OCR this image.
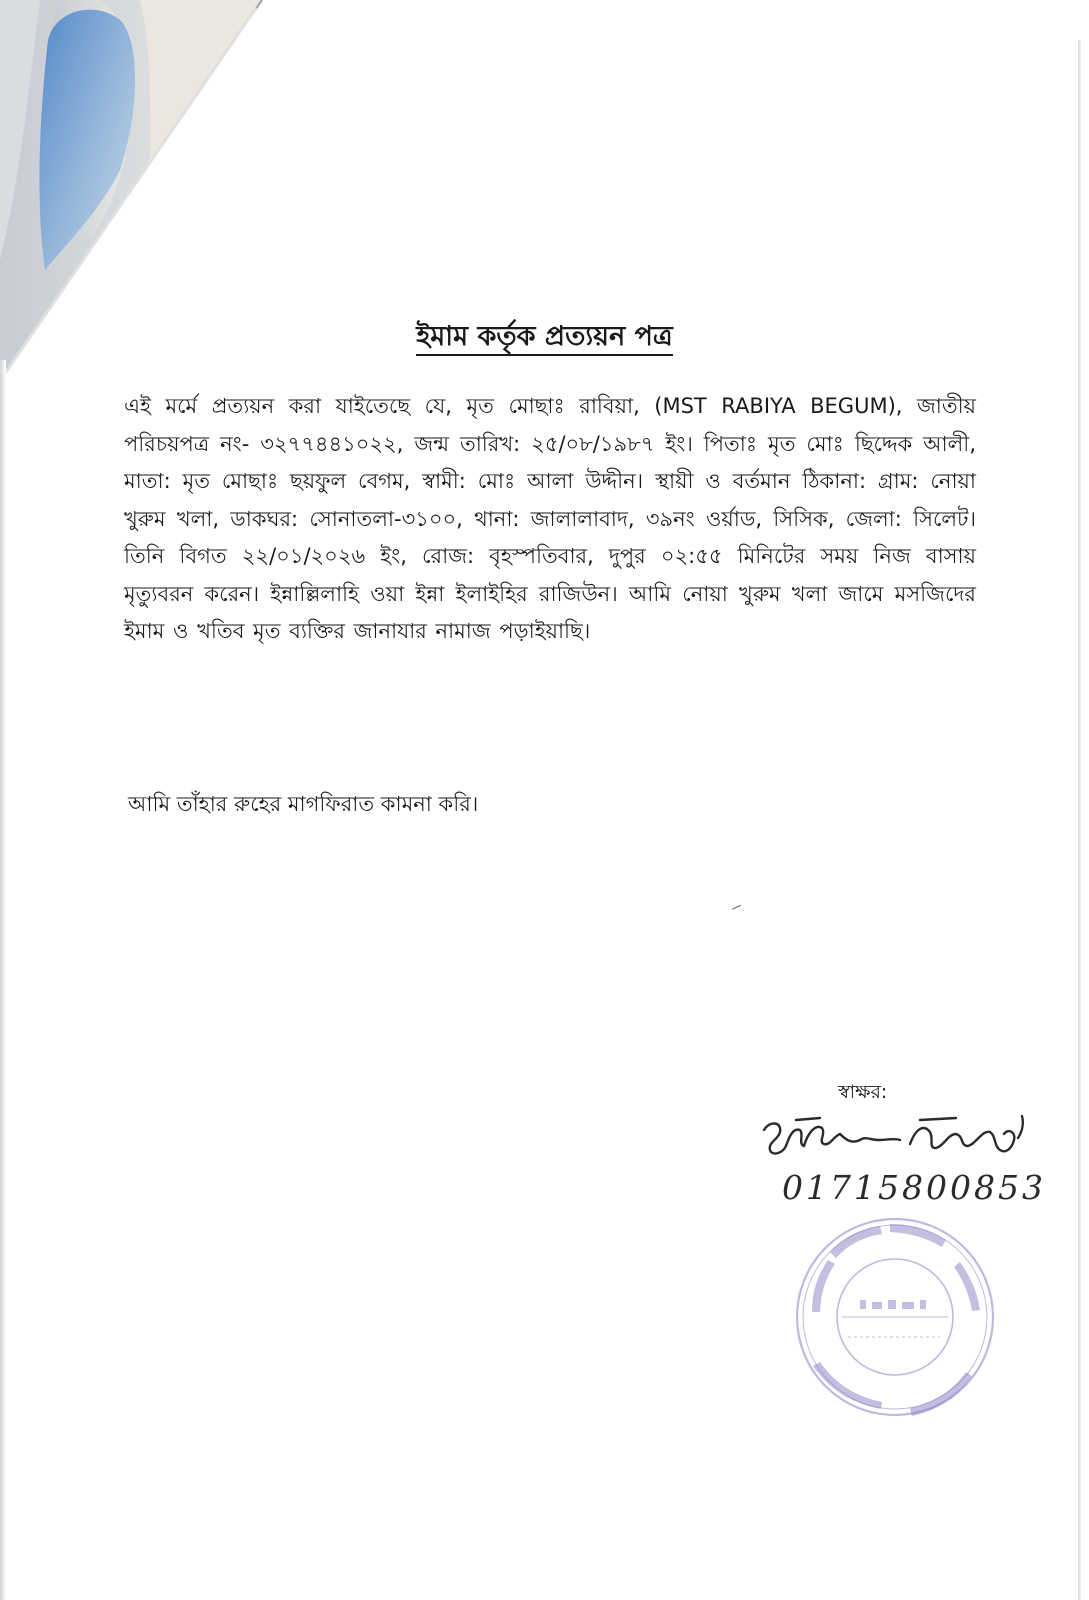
ইমাম কর্তৃক প্রত্যয়ন পত্র

এই মর্মে প্রত্যয়ন করা যাইতেছে যে, মৃত মোছাঃ রাবিয়া, (MST RABIYA BEGUM), জাতীয় পরিচয়পত্র নং- ৩২৭৭৪৪১০২২, জন্ম তারিখ: ২৫/০৮/১৯৮৭ ইং। পিতাঃ মৃত মোঃ ছিদ্দেক আলী, মাতা: মৃত মোছাঃ ছয়ফুল বেগম, স্বামী: মোঃ আলা উদ্দীন। স্থায়ী ও বর্তমান ঠিকানা: গ্রাম: নোয়া খুরুম খলা, ডাকঘর: সোনাতলা-৩১০০, থানা: জালালাবাদ, ৩৯নং ওর্য়াড, সিসিক, জেলা: সিলেট। তিনি বিগত ২২/০১/২০২৬ ইং, রোজ: বৃহস্পতিবার, দুপুর ০২:৫৫ মিনিটের সময় নিজ বাসায় মৃত্যুবরন করেন। ইন্নাল্লিলাহি ওয়া ইন্না ইলাইহির রাজিউন। আমি নোয়া খুরুম খলা জামে মসজিদের ইমাম ও খতিব মৃত ব্যক্তির জানাযার নামাজ পড়াইয়াছি।

আমি তাঁহার রুহের মাগফিরাত কামনা করি।

স্বাক্ষর:
01715800853
